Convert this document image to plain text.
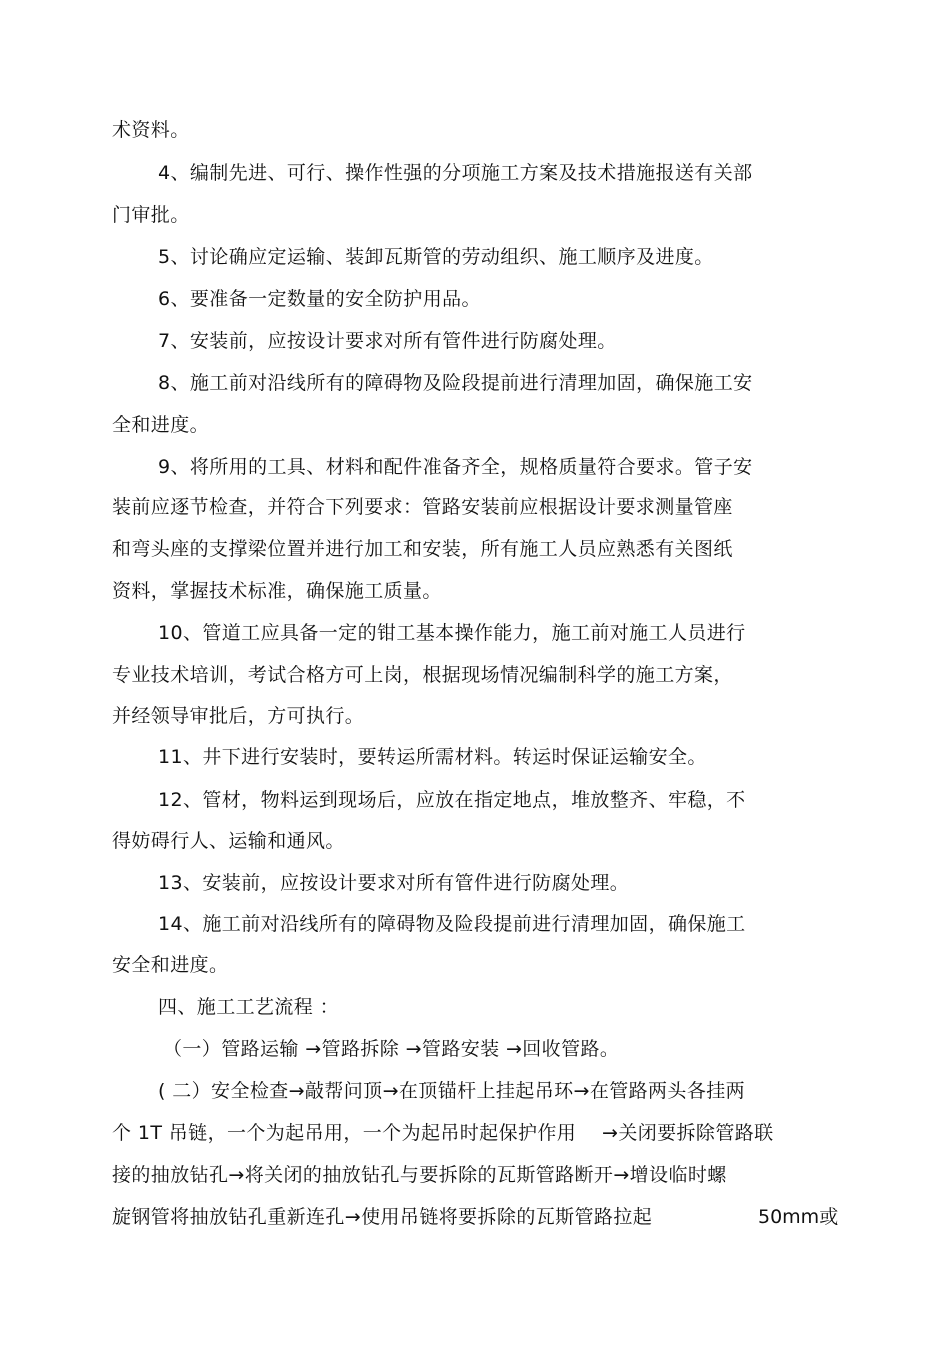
术资料。
4、编制先进、可行、操作性强的分项施工方案及技术措施报送有关部
门审批。
5、讨论确应定运输、装卸瓦斯管的劳动组织、施工顺序及进度。
6、要准备一定数量的安全防护用品。
7、安装前，应按设计要求对所有管件进行防腐处理。
8、施工前对沿线所有的障碍物及险段提前进行清理加固，确保施工安
全和进度。
9、将所用的工具、材料和配件准备齐全，规格质量符合要求。管子安
装前应逐节检查，并符合下列要求：管路安装前应根据设计要求测量管座
和弯头座的支撑梁位置并进行加工和安装，所有施工人员应熟悉有关图纸
资料，掌握技术标准，确保施工质量。
10、管道工应具备一定的钳工基本操作能力，施工前对施工人员进行
专业技术培训，考试合格方可上岗，根据现场情况编制科学的施工方案，
并经领导审批后，方可执行。
11、井下进行安装时，要转运所需材料。转运时保证运输安全。
12、管材，物料运到现场后，应放在指定地点，堆放整齐、牢稳，不
得妨碍行人、运输和通风。
13、安装前，应按设计要求对所有管件进行防腐处理。
14、施工前对沿线所有的障碍物及险段提前进行清理加固，确保施工
安全和进度。
四、施工工艺流程 ：
（一）管路运输 →管路拆除 →管路安装 →回收管路。
( 二）安全检查→敲帮问顶→在顶锚杆上挂起吊环→在管路两头各挂两
个 1T 吊链，一个为起吊用，一个为起吊时起保护作用　 →关闭要拆除管路联
接的抽放钻孔→将关闭的抽放钻孔与要拆除的瓦斯管路断开→增设临时螺
旋钢管将抽放钻孔重新连孔→使用吊链将要拆除的瓦斯管路拉起	50mm或
